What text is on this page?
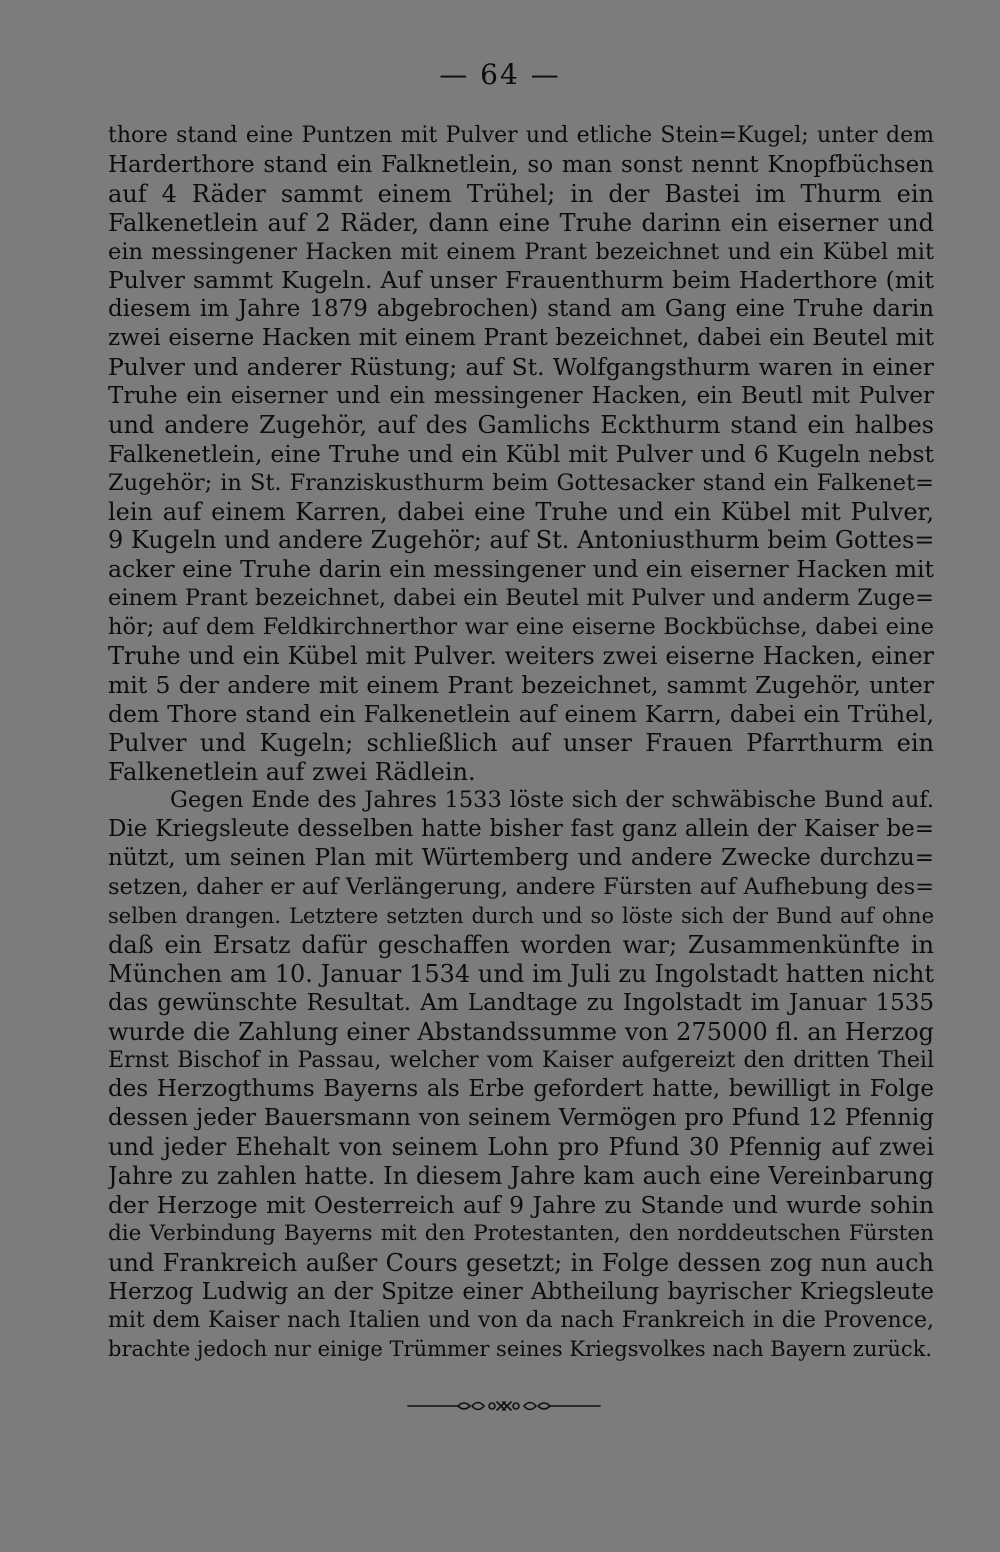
— 64 —
thore stand eine Puntzen mit Pulver und etliche Stein=Kugel; unter dem
Harderthore stand ein Falknetlein, so man sonst nennt Knopfbüchsen
auf 4 Räder sammt einem Trühel; in der Bastei im Thurm ein
Falkenetlein auf 2 Räder, dann eine Truhe darinn ein eiserner und
ein messingener Hacken mit einem Prant bezeichnet und ein Kübel mit
Pulver sammt Kugeln. Auf unser Frauenthurm beim Haderthore (mit
diesem im Jahre 1879 abgebrochen) stand am Gang eine Truhe darin
zwei eiserne Hacken mit einem Prant bezeichnet, dabei ein Beutel mit
Pulver und anderer Rüstung; auf St. Wolfgangsthurm waren in einer
Truhe ein eiserner und ein messingener Hacken, ein Beutl mit Pulver
und andere Zugehör, auf des Gamlichs Eckthurm stand ein halbes
Falkenetlein, eine Truhe und ein Kübl mit Pulver und 6 Kugeln nebst
Zugehör; in St. Franziskusthurm beim Gottesacker stand ein Falkenet=
lein auf einem Karren, dabei eine Truhe und ein Kübel mit Pulver,
9 Kugeln und andere Zugehör; auf St. Antoniusthurm beim Gottes=
acker eine Truhe darin ein messingener und ein eiserner Hacken mit
einem Prant bezeichnet, dabei ein Beutel mit Pulver und anderm Zuge=
hör; auf dem Feldkirchnerthor war eine eiserne Bockbüchse, dabei eine
Truhe und ein Kübel mit Pulver. weiters zwei eiserne Hacken, einer
mit 5 der andere mit einem Prant bezeichnet, sammt Zugehör, unter
dem Thore stand ein Falkenetlein auf einem Karrn, dabei ein Trühel,
Pulver und Kugeln; schließlich auf unser Frauen Pfarrthurm ein
Falkenetlein auf zwei Rädlein.
Gegen Ende des Jahres 1533 löste sich der schwäbische Bund auf.
Die Kriegsleute desselben hatte bisher fast ganz allein der Kaiser be=
nützt, um seinen Plan mit Würtemberg und andere Zwecke durchzu=
setzen, daher er auf Verlängerung, andere Fürsten auf Aufhebung des=
selben drangen. Letztere setzten durch und so löste sich der Bund auf ohne
daß ein Ersatz dafür geschaffen worden war; Zusammenkünfte in
München am 10. Januar 1534 und im Juli zu Ingolstadt hatten nicht
das gewünschte Resultat. Am Landtage zu Ingolstadt im Januar 1535
wurde die Zahlung einer Abstandssumme von 275000 fl. an Herzog
Ernst Bischof in Passau, welcher vom Kaiser aufgereizt den dritten Theil
des Herzogthums Bayerns als Erbe gefordert hatte, bewilligt in Folge
dessen jeder Bauersmann von seinem Vermögen pro Pfund 12 Pfennig
und jeder Ehehalt von seinem Lohn pro Pfund 30 Pfennig auf zwei
Jahre zu zahlen hatte. In diesem Jahre kam auch eine Vereinbarung
der Herzoge mit Oesterreich auf 9 Jahre zu Stande und wurde sohin
die Verbindung Bayerns mit den Protestanten, den norddeutschen Fürsten
und Frankreich außer Cours gesetzt; in Folge dessen zog nun auch
Herzog Ludwig an der Spitze einer Abtheilung bayrischer Kriegsleute
mit dem Kaiser nach Italien und von da nach Frankreich in die Provence,
brachte jedoch nur einige Trümmer seines Kriegsvolkes nach Bayern zurück.
